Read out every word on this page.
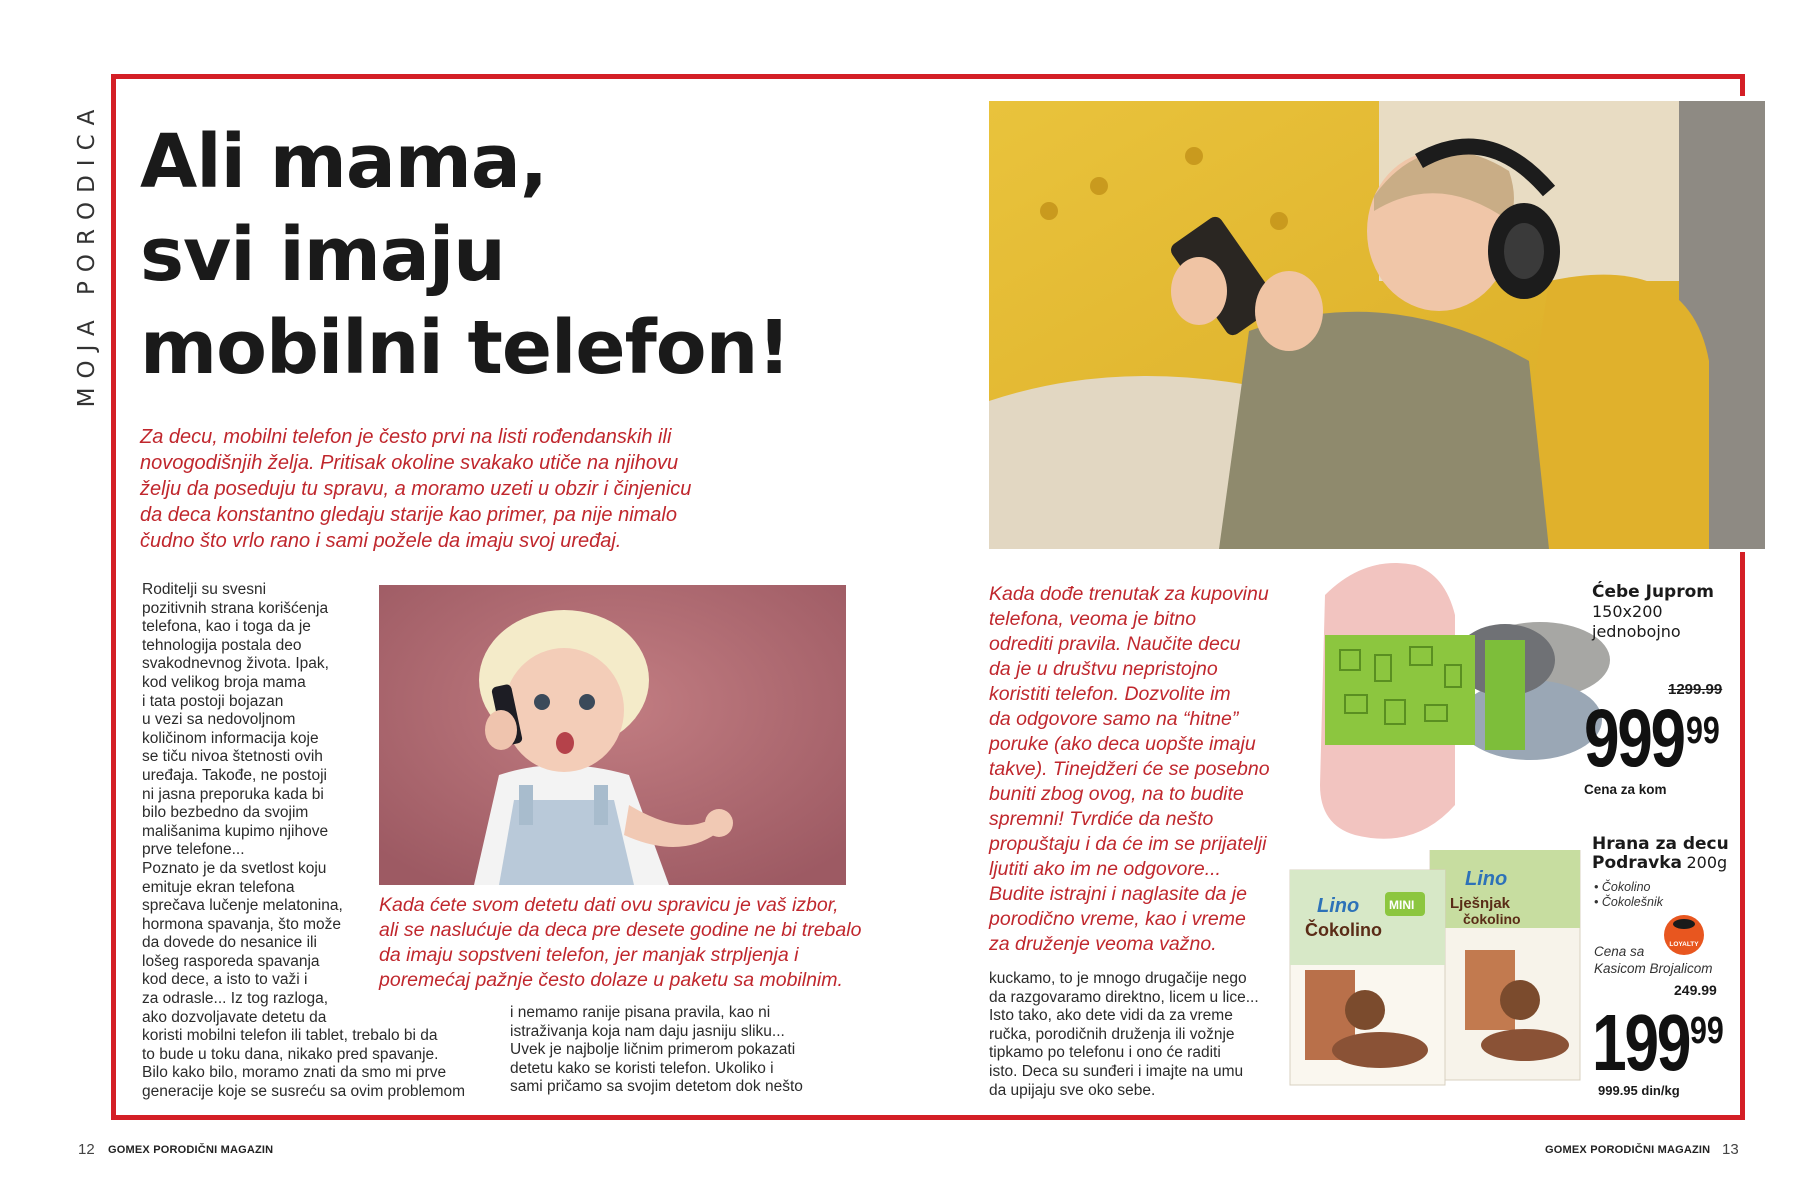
MOJA PORODICA Ali mama,
svi imaju
mobilni telefon!
Za decu, mobilni telefon je često prvi na listi rođendanskih ili
novogodišnjih želja. Pritisak okoline svakako utiče na njihovu
želju da poseduju tu spravu, a moramo uzeti u obzir i činjenicu
da deca konstantno gledaju starije kao primer, pa nije nimalo
čudno što vrlo rano i sami požele da imaju svoj uređaj.
Roditelji su svesni
pozitivnih strana korišćenja
telefona, kao i toga da je
tehnologija postala deo
svakodnevnog života. Ipak,
kod velikog broja mama
i tata postoji bojazan
u vezi sa nedovoljnom
količinom informacija koje
se tiču nivoa štetnosti ovih
uređaja. Takođe, ne postoji
ni jasna preporuka kada bi
bilo bezbedno da svojim
mališanima kupimo njihove
prve telefone...
Poznato je da svetlost koju
emituje ekran telefona
sprečava lučenje melatonina,
hormona spavanja, što može
da dovede do nesanice ili
lošeg rasporeda spavanja
kod dece, a isto to važi i
za odrasle... Iz tog razloga,
ako dozvoljavate detetu da
koristi mobilni telefon ili tablet, trebalo bi da
to bude u toku dana, nikako pred spavanje.
Bilo kako bilo, moramo znati da smo mi prve
generacije koje se susreću sa ovim problemom
Kada ćete svom detetu dati ovu spravicu je vaš izbor,
ali se naslućuje da deca pre desete godine ne bi trebalo
da imaju sopstveni telefon, jer manjak strpljenja i
poremećaj pažnje često dolaze u paketu sa mobilnim.
i nemamo ranije pisana pravila, kao ni
istraživanja koja nam daju jasniju sliku...
Uvek je najbolje ličnim primerom pokazati
detetu kako se koristi telefon. Ukoliko i
sami pričamo sa svojim detetom dok nešto
Kada dođe trenutak za kupovinu
telefona, veoma je bitno
odrediti pravila. Naučite decu
da je u društvu nepristojno
koristiti telefon. Dozvolite im
da odgovore samo na “hitne”
poruke (ako deca uopšte imaju
takve). Tinejdžeri će se posebno
buniti zbog ovog, na to budite
spremni! Tvrdiće da nešto
propuštaju i da će im se prijatelji
ljutiti ako im ne odgovore...
Budite istrajni i naglasite da je
porodično vreme, kao i vreme
za druženje veoma važno.
kuckamo, to je mnogo drugačije nego
da razgovaramo direktno, licem u lice...
Isto tako, ako dete vidi da za vreme
ručka, porodičnih druženja ili vožnje
tipkamo po telefonu i ono će raditi
isto. Deca su sunđeri i imajte na umu
da upijaju sve oko sebe.
Ćebe Juprom
150x200
jednobojno
1299.99
999 99
Cena za kom
Lino
Čokolino
MINI
Lino
Lješnjak
čokolino
Hrana za decu
Podravka 200g
• Čokolino
• Čokolešnik
Cena sa
Kasicom Brojalicom
LOYALTY
249.99
199 99
999.95 din/kg
12 GOMEX PORODIČNI MAGAZIN	GOMEX PORODIČNI MAGAZIN 13
